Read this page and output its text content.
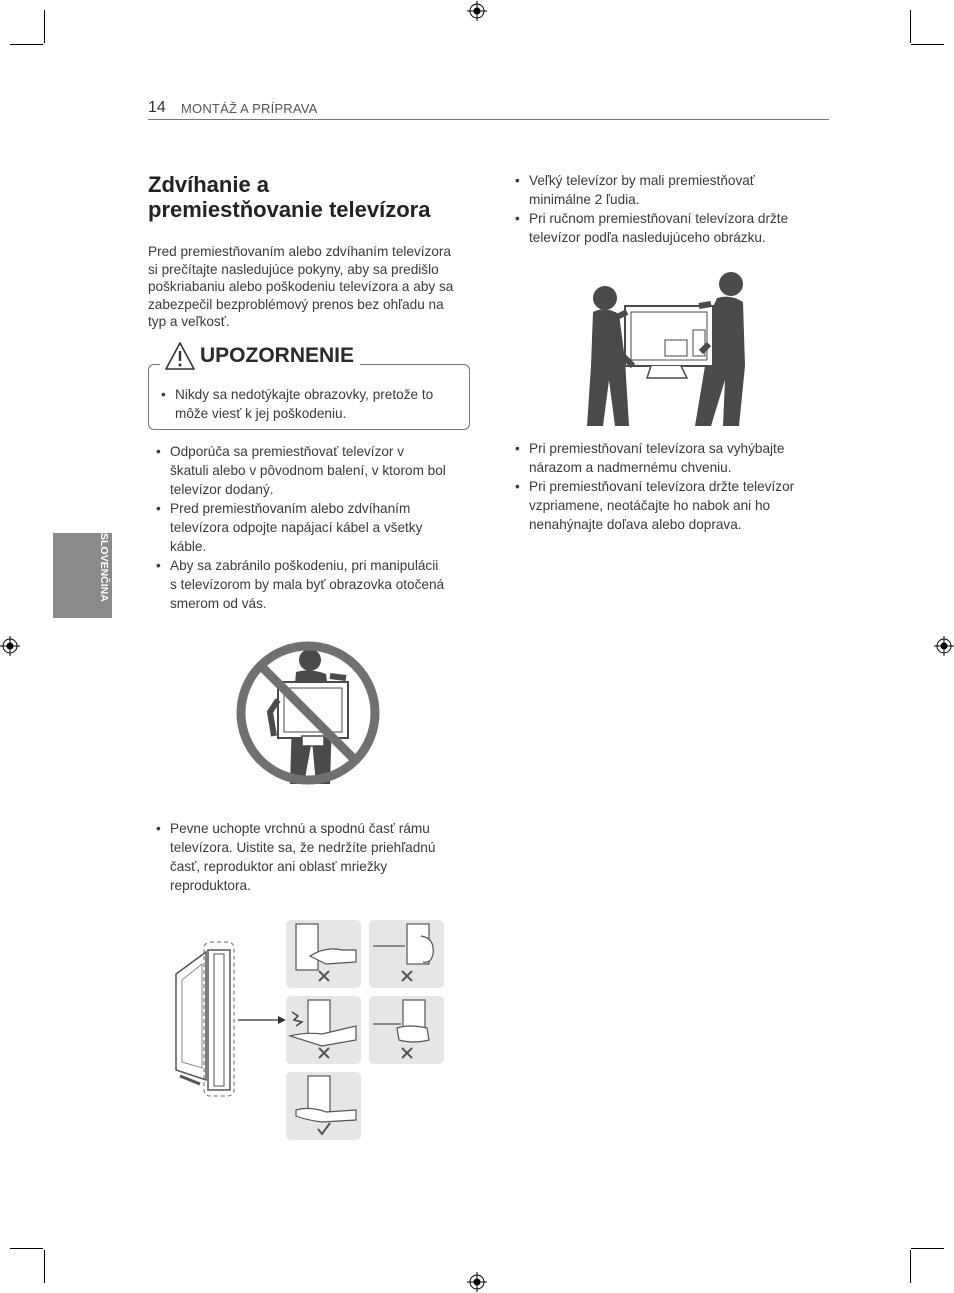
14 MONTÁŽ A PRÍPRAVA
Zdvíhanie a
premiestňovanie televízora
Pred premiestňovaním alebo zdvíhaním televízora
si prečítajte nasledujúce pokyny, aby sa predišlo
poškriabaniu alebo poškodeniu televízora a aby sa
zabezpečil bezproblémový prenos bez ohľadu na
typ a veľkosť.
UPOZORNENIE
• Nikdy sa nedotýkajte obrazovky, pretože to
môže viesť k jej poškodeniu.
• Odporúča sa premiestňovať televízor v
škatuli alebo v pôvodnom balení, v ktorom bol
televízor dodaný.
• Pred premiestňovaním alebo zdvíhaním
televízora odpojte napájací kábel a všetky
káble.
• Aby sa zabránilo poškodeniu, pri manipulácii
s televízorom by mala byť obrazovka otočená
smerom od vás.
SLOVENČINA
• Pevne uchopte vrchnú a spodnú časť rámu
televízora. Uistite sa, že nedržíte priehľadnú
časť, reproduktor ani oblasť mriežky
reproduktora.
• Veľký televízor by mali premiestňovať
minimálne 2 ľudia.
• Pri ručnom premiestňovaní televízora držte
televízor podľa nasledujúceho obrázku.
• Pri premiestňovaní televízora sa vyhýbajte
nárazom a nadmernému chveniu.
• Pri premiestňovaní televízora držte televízor
vzpriamene, neotáčajte ho nabok ani ho
nenahýnajte doľava alebo doprava.
